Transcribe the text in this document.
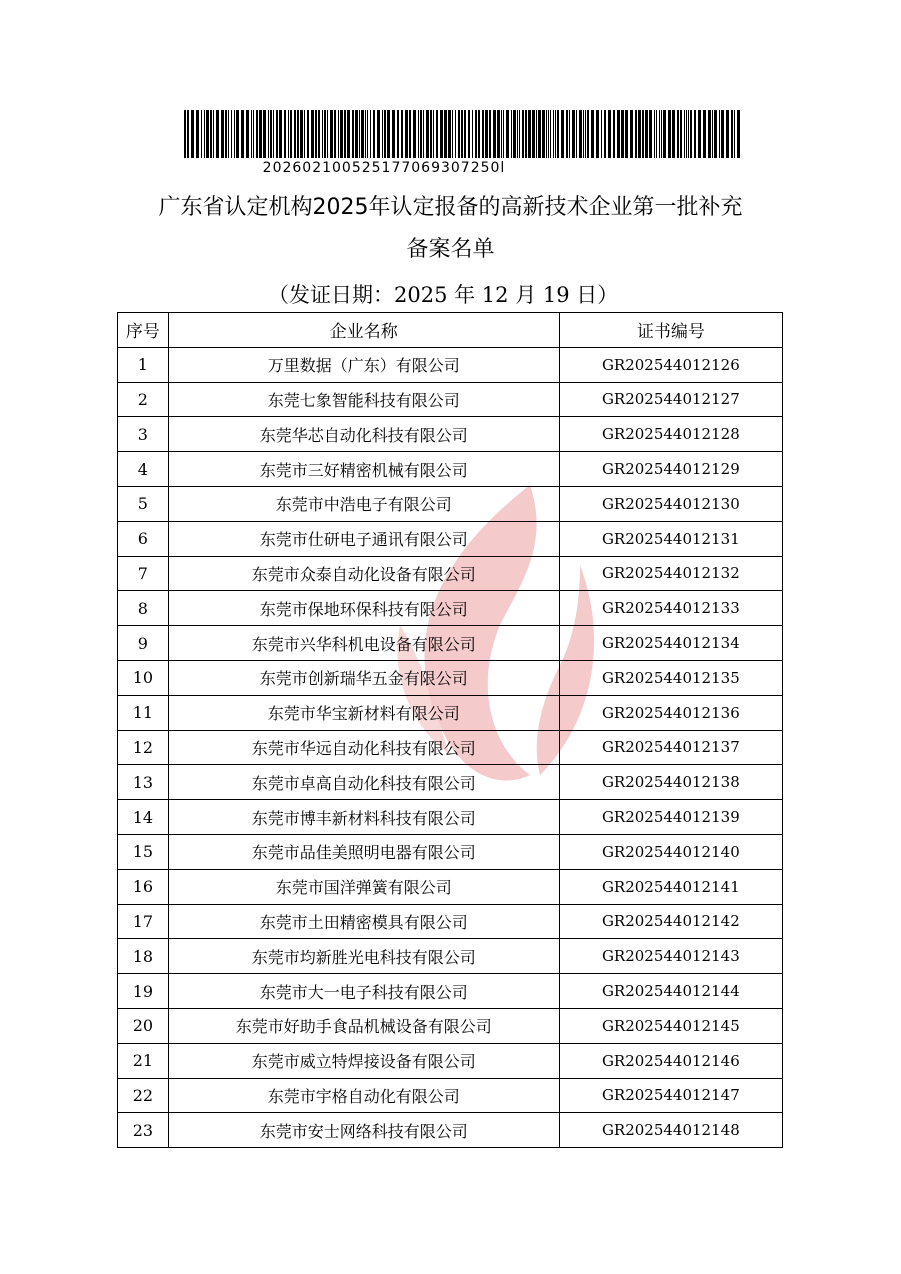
202602100525177069307250l
广东省认定机构2025年认定报备的高新技术企业第一批补充
备案名单
（发证日期：2025 年 12 月 19 日）
序号	企业名称	证书编号
1	万里数据（广东）有限公司	GR202544012126
2	东莞七象智能科技有限公司	GR202544012127
3	东莞华芯自动化科技有限公司	GR202544012128
4	东莞市三好精密机械有限公司	GR202544012129
5	东莞市中浩电子有限公司	GR202544012130
6	东莞市仕研电子通讯有限公司	GR202544012131
7	东莞市众泰自动化设备有限公司	GR202544012132
8	东莞市保地环保科技有限公司	GR202544012133
9	东莞市兴华科机电设备有限公司	GR202544012134
10	东莞市创新瑞华五金有限公司	GR202544012135
11	东莞市华宝新材料有限公司	GR202544012136
12	东莞市华远自动化科技有限公司	GR202544012137
13	东莞市卓高自动化科技有限公司	GR202544012138
14	东莞市博丰新材料科技有限公司	GR202544012139
15	东莞市品佳美照明电器有限公司	GR202544012140
16	东莞市国洋弹簧有限公司	GR202544012141
17	东莞市土田精密模具有限公司	GR202544012142
18	东莞市均新胜光电科技有限公司	GR202544012143
19	东莞市大一电子科技有限公司	GR202544012144
20	东莞市好助手食品机械设备有限公司	GR202544012145
21	东莞市威立特焊接设备有限公司	GR202544012146
22	东莞市宇格自动化有限公司	GR202544012147
23	东莞市安士网络科技有限公司	GR202544012148
